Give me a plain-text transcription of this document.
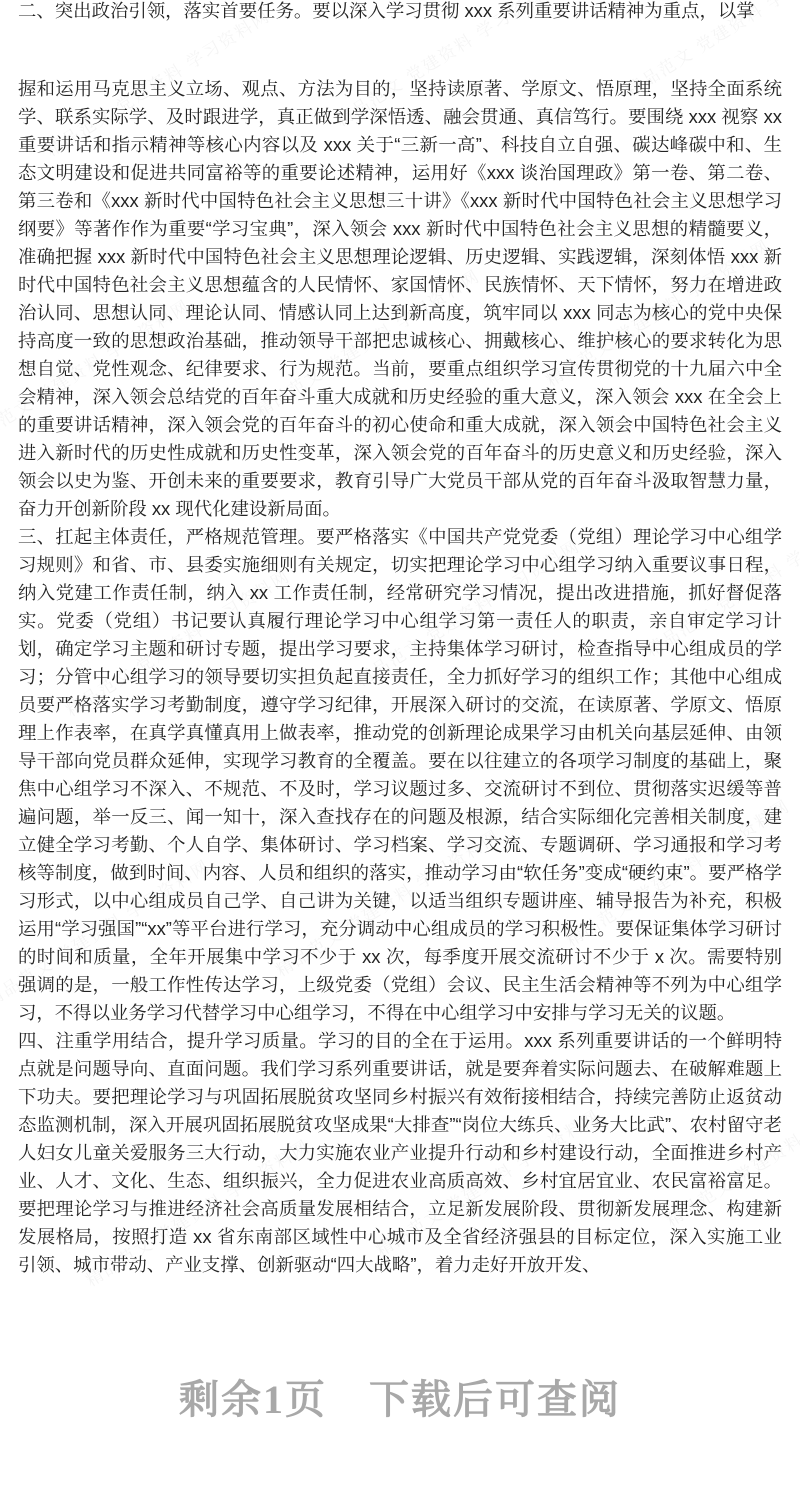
二、突出政治引领，落实首要任务。要以深入学习贯彻 xxx 系列重要讲话精神为重点，以掌

握和运用马克思主义立场、观点、方法为目的，坚持读原著、学原文、悟原理，坚持全面系统学、联系实际学、及时跟进学，真正做到学深悟透、融会贯通、真信笃行。要围绕 xxx 视察 xx 重要讲话和指示精神等核心内容以及 xxx 关于“三新一高”、科技自立自强、碳达峰碳中和、生态文明建设和促进共同富裕等的重要论述精神，运用好《xxx 谈治国理政》第一卷、第二卷、第三卷和《xxx 新时代中国特色社会主义思想三十讲》《xxx 新时代中国特色社会主义思想学习纲要》等著作作为重要“学习宝典”，深入领会 xxx 新时代中国特色社会主义思想的精髓要义，准确把握 xxx 新时代中国特色社会主义思想理论逻辑、历史逻辑、实践逻辑，深刻体悟 xxx 新时代中国特色社会主义思想蕴含的人民情怀、家国情怀、民族情怀、天下情怀，努力在增进政治认同、思想认同、理论认同、情感认同上达到新高度，筑牢同以 xxx 同志为核心的党中央保持高度一致的思想政治基础，推动领导干部把忠诚核心、拥戴核心、维护核心的要求转化为思想自觉、党性观念、纪律要求、行为规范。当前，要重点组织学习宣传贯彻党的十九届六中全会精神，深入领会总结党的百年奋斗重大成就和历史经验的重大意义，深入领会 xxx 在全会上的重要讲话精神，深入领会党的百年奋斗的初心使命和重大成就，深入领会中国特色社会主义进入新时代的历史性成就和历史性变革，深入领会党的百年奋斗的历史意义和历史经验，深入领会以史为鉴、开创未来的重要要求，教育引导广大党员干部从党的百年奋斗汲取智慧力量，奋力开创新阶段 xx 现代化建设新局面。

三、扛起主体责任，严格规范管理。要严格落实《中国共产党党委（党组）理论学习中心组学习规则》和省、市、县委实施细则有关规定，切实把理论学习中心组学习纳入重要议事日程，纳入党建工作责任制，纳入 xx 工作责任制，经常研究学习情况，提出改进措施，抓好督促落实。党委（党组）书记要认真履行理论学习中心组学习第一责任人的职责，亲自审定学习计划，确定学习主题和研讨专题，提出学习要求，主持集体学习研讨，检查指导中心组成员的学习；分管中心组学习的领导要切实担负起直接责任，全力抓好学习的组织工作；其他中心组成员要严格落实学习考勤制度，遵守学习纪律，开展深入研讨的交流，在读原著、学原文、悟原理上作表率，在真学真懂真用上做表率，推动党的创新理论成果学习由机关向基层延伸、由领导干部向党员群众延伸，实现学习教育的全覆盖。要在以往建立的各项学习制度的基础上，聚焦中心组学习不深入、不规范、不及时，学习议题过多、交流研讨不到位、贯彻落实迟缓等普遍问题，举一反三、闻一知十，深入查找存在的问题及根源，结合实际细化完善相关制度，建立健全学习考勤、个人自学、集体研讨、学习档案、学习交流、专题调研、学习通报和学习考核等制度，做到时间、内容、人员和组织的落实，推动学习由“软任务”变成“硬约束”。要严格学习形式，以中心组成员自己学、自己讲为关键，以适当组织专题讲座、辅导报告为补充，积极运用“学习强国”“xx”等平台进行学习，充分调动中心组成员的学习积极性。要保证集体学习研讨的时间和质量，全年开展集中学习不少于 xx 次，每季度开展交流研讨不少于 x 次。需要特别强调的是，一般工作性传达学习，上级党委（党组）会议、民主生活会精神等不列为中心组学习，不得以业务学习代替学习中心组学习，不得在中心组学习中安排与学习无关的议题。

四、注重学用结合，提升学习质量。学习的目的全在于运用。xxx 系列重要讲话的一个鲜明特点就是问题导向、直面问题。我们学习系列重要讲话，就是要奔着实际问题去、在破解难题上下功夫。要把理论学习与巩固拓展脱贫攻坚同乡村振兴有效衔接相结合，持续完善防止返贫动态监测机制，深入开展巩固拓展脱贫攻坚成果“大排查”“岗位大练兵、业务大比武”、农村留守老人妇女儿童关爱服务三大行动，大力实施农业产业提升行动和乡村建设行动，全面推进乡村产业、人才、文化、生态、组织振兴，全力促进农业高质高效、乡村宜居宜业、农民富裕富足。要把理论学习与推进经济社会高质量发展相结合，立足新发展阶段、贯彻新发展理念、构建新发展格局，按照打造 xx 省东南部区域性中心城市及全省经济强县的目标定位，深入实施工业引领、城市带动、产业支撑、创新驱动“四大战略”，着力走好开放开发、

剩余1页　下载后可查阅
